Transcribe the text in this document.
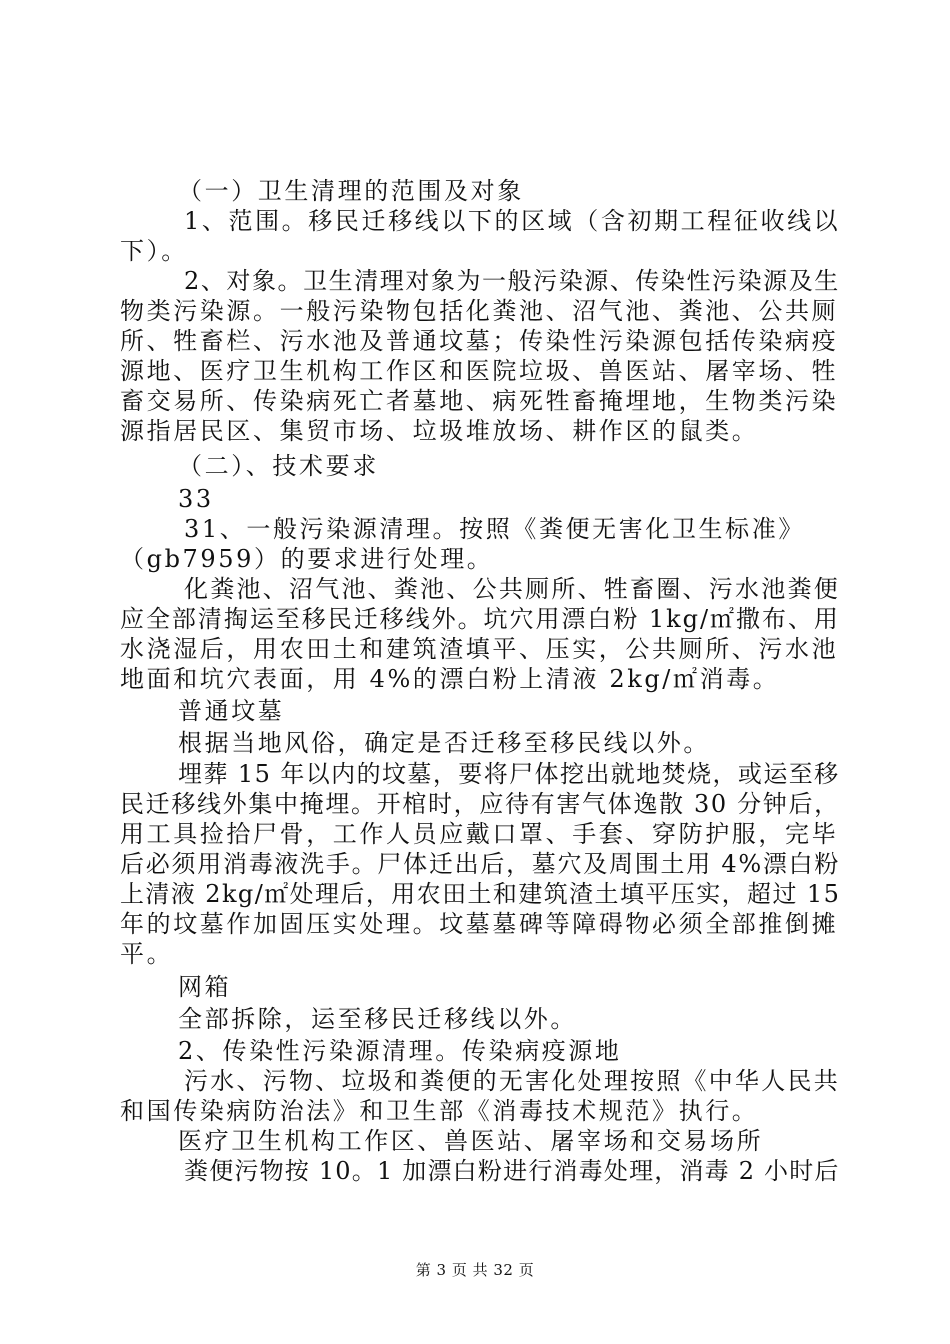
（一）卫生清理的范围及对象
1、范围。移民迁移线以下的区域（含初期工程征收线以
下）。
2、对象。卫生清理对象为一般污染源、传染性污染源及生
物类污染源。一般污染物包括化粪池、沼气池、粪池、公共厕
所、牲畜栏、污水池及普通坟墓；传染性污染源包括传染病疫
源地、医疗卫生机构工作区和医院垃圾、兽医站、屠宰场、牲
畜交易所、传染病死亡者墓地、病死牲畜掩埋地，生物类污染
源指居民区、集贸市场、垃圾堆放场、耕作区的鼠类。
（二）、技术要求
33
31、一般污染源清理。按照《粪便无害化卫生标准》
（gb7959）的要求进行处理。
化粪池、沼气池、粪池、公共厕所、牲畜圈、污水池粪便
应全部清掏运至移民迁移线外。坑穴用漂白粉 1kg/㎡撒布、用
水浇湿后，用农田土和建筑渣填平、压实，公共厕所、污水池
地面和坑穴表面，用 4%的漂白粉上清液 2kg/㎡消毒。
普通坟墓
根据当地风俗，确定是否迁移至移民线以外。
埋葬 15 年以内的坟墓，要将尸体挖出就地焚烧，或运至移
民迁移线外集中掩埋。开棺时，应待有害气体逸散 30 分钟后，
用工具捡拾尸骨，工作人员应戴口罩、手套、穿防护服，完毕
后必须用消毒液洗手。尸体迁出后，墓穴及周围土用 4%漂白粉
上清液 2kg/㎡处理后，用农田土和建筑渣土填平压实，超过 15
年的坟墓作加固压实处理。坟墓墓碑等障碍物必须全部推倒摊
平。
网箱
全部拆除，运至移民迁移线以外。
2、传染性污染源清理。传染病疫源地
污水、污物、垃圾和粪便的无害化处理按照《中华人民共
和国传染病防治法》和卫生部《消毒技术规范》执行。
医疗卫生机构工作区、兽医站、屠宰场和交易场所
粪便污物按 10。1 加漂白粉进行消毒处理，消毒 2 小时后
第 3 页 共 32 页
